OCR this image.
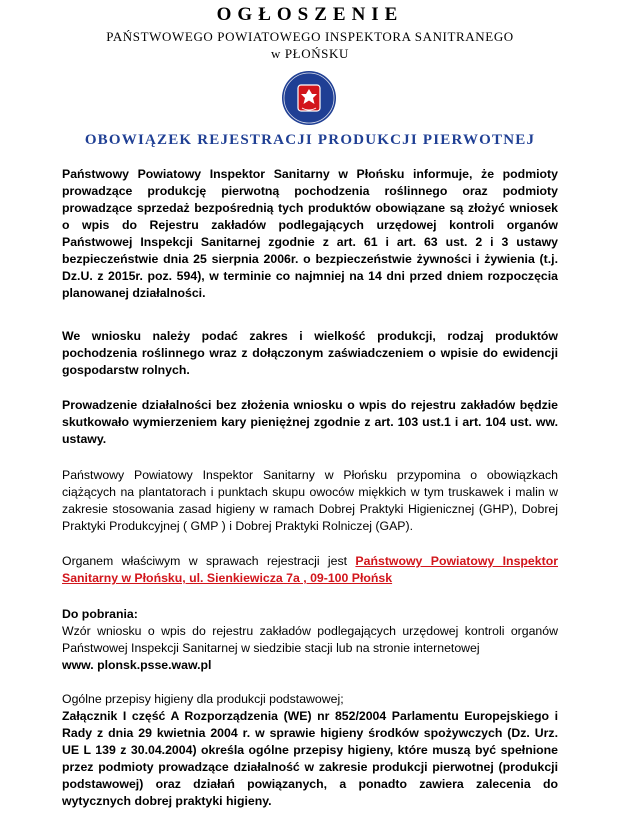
OGŁOSZENIE
PAŃSTWOWEGO POWIATOWEGO INSPEKTORA SANITRANEGO
w PŁOŃSKU
OBOWIĄZEK REJESTRACJI PRODUKCJI PIERWOTNEJ
Państwowy Powiatowy Inspektor Sanitarny w Płońsku informuje, że podmioty prowadzące produkcję pierwotną pochodzenia roślinnego oraz podmioty prowadzące sprzedaż bezpośrednią tych produktów obowiązane są złożyć wniosek o wpis do Rejestru zakładów podlegających urzędowej kontroli organów Państwowej Inspekcji Sanitarnej zgodnie z art. 61 i art. 63 ust. 2 i 3 ustawy bezpieczeństwie dnia 25 sierpnia 2006r. o bezpieczeństwie żywności i żywienia (t.j. Dz.U. z 2015r. poz. 594), w terminie co najmniej na 14 dni przed dniem rozpoczęcia planowanej działalności.
We wniosku należy podać zakres i wielkość produkcji, rodzaj produktów pochodzenia roślinnego wraz z dołączonym zaświadczeniem o wpisie do ewidencji gospodarstw rolnych.
Prowadzenie działalności bez złożenia wniosku o wpis do rejestru zakładów będzie skutkowało wymierzeniem kary pieniężnej zgodnie z art. 103 ust.1 i art. 104 ust. ww. ustawy.
Państwowy Powiatowy Inspektor Sanitarny w Płońsku przypomina o obowiązkach ciążących na plantatorach i punktach skupu owoców miękkich w tym truskawek i malin w zakresie stosowania zasad higieny w ramach Dobrej Praktyki Higienicznej (GHP), Dobrej Praktyki Produkcyjnej ( GMP ) i Dobrej Praktyki Rolniczej (GAP).
Organem właściwym w sprawach rejestracji jest Państwowy Powiatowy Inspektor Sanitarny w Płońsku, ul. Sienkiewicza 7a , 09-100 Płońsk
Do pobrania:
Wzór wniosku o wpis do rejestru zakładów podlegających urzędowej kontroli organów Państwowej Inspekcji Sanitarnej w siedzibie stacji lub na stronie internetowej
www. plonsk.psse.waw.pl
Ogólne przepisy higieny dla produkcji podstawowej;
Załącznik I część A Rozporządzenia (WE) nr 852/2004 Parlamentu Europejskiego i Rady z dnia 29 kwietnia 2004 r. w sprawie higieny środków spożywczych (Dz. Urz. UE L 139 z 30.04.2004) określa ogólne przepisy higieny, które muszą być spełnione przez podmioty prowadzące działalność w zakresie produkcji pierwotnej (produkcji podstawowej) oraz działań powiązanych, a ponadto zawiera zalecenia do wytycznych dobrej praktyki higieny.
